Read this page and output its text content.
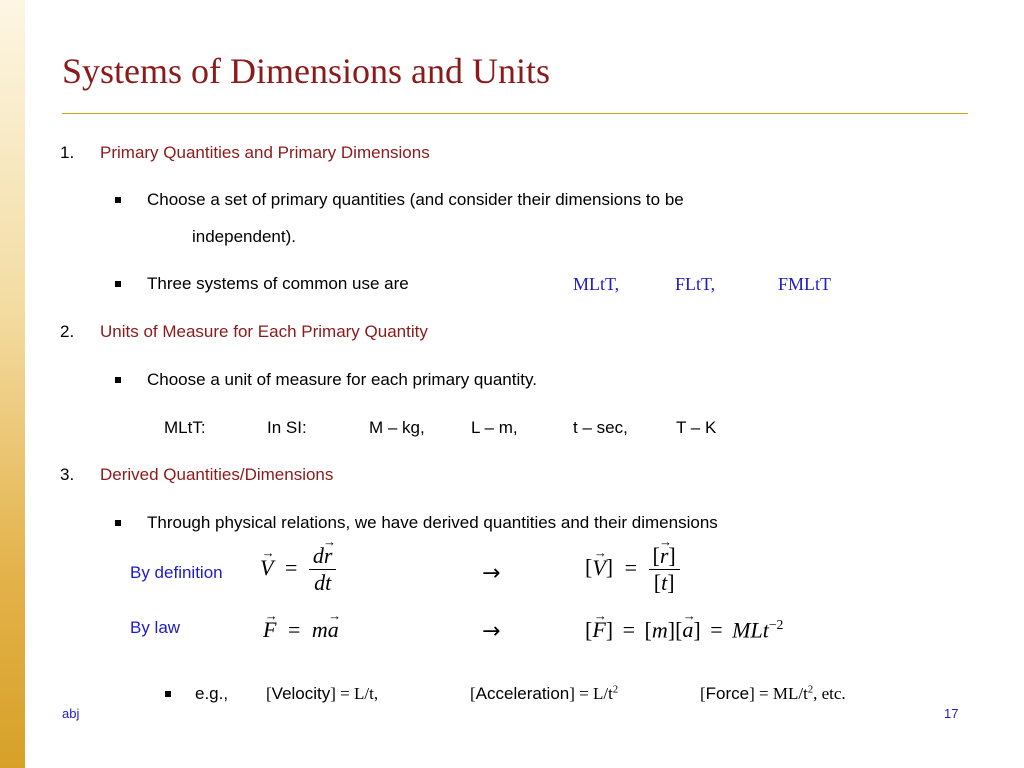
Systems of Dimensions and Units
1. Primary Quantities and Primary Dimensions
Choose a set of primary quantities (and consider their dimensions to be
independent).
Three systems of common use are	MLtT,	FLtT,	FMLtT
2. Units of Measure for Each Primary Quantity
Choose a unit of measure for each primary quantity.
MLtT:	In SI:	M – kg,	L – m,	t – sec,	T – K
3. Derived Quantities/Dimensions
Through physical relations, we have derived quantities and their dimensions
By definition → $V = \frac{d\to r}{dt}$	→	[→ $V] = \frac{[\to r]}{[t]}$
By law	→ F = m→ a	→	[→ F] = [m][→ a] = MLt$^{-2}$
e.g., [Velocity] = L/t,	[Acceleration] = $L/t^2$	[Force] = $ML/t^2$, etc.
abj	17
